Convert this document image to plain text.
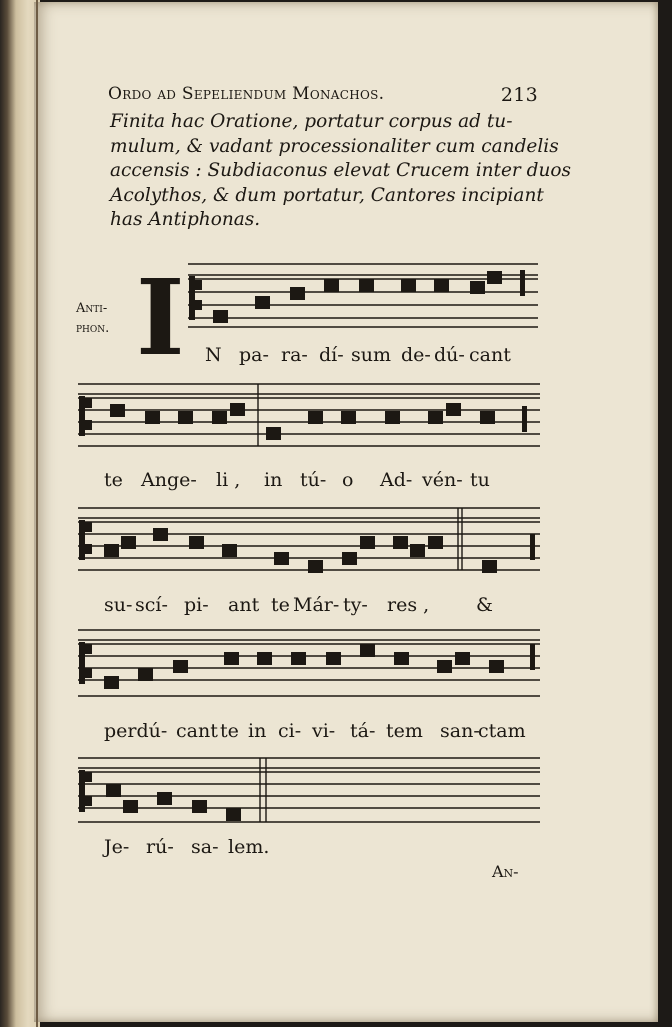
Ordo ad Sepeliendum Monachos.	213
Finita hac Oratione, portatur corpus ad tu-
mulum, & vadant processionaliter cum candelis
accensis : Subdiaconus elevat Crucem inter duos
Acolythos, & dum portatur, Cantores incipiant
has Antiphonas.
Anti-
phon. I N pa- ra- dí- sum de- dú- cant
te Ange- li , in tú- o Ad- vén- tu
su- scí- pi- ant te Már- ty- res , &
perdú- cant te in ci- vi- tá- tem san-
ctam
Je- rú- sa- lem.
An-
